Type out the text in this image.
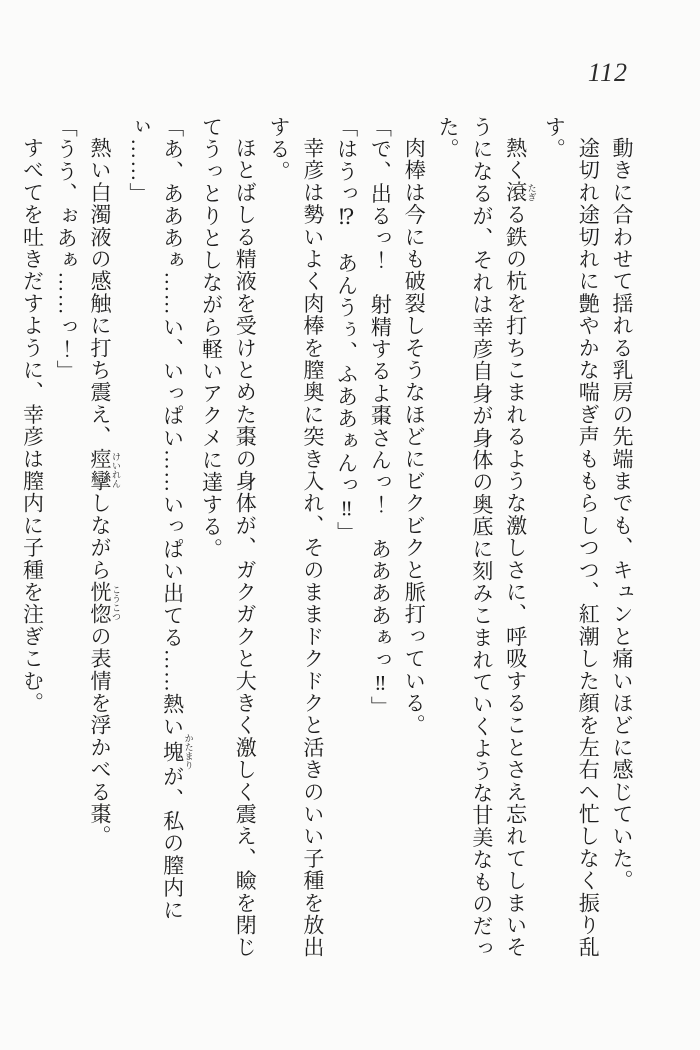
112

動きに合わせて揺れる乳房の先端までも、キュンと痛いほどに感じていた。

途切れ途切れに艶やかな喘ぎ声ももらしつつ、紅潮した顔を左右へ忙しなく振り乱

す。

熱く滾 たぎる鉄の杭を打ちこまれるような激しさに、呼吸することさえ忘れてしまいそ

うになるが、それは幸彦自身が身体の奥底に刻みこまれていくような甘美なものだっ

た。

肉棒は今にも破裂しそうなほどにビクビクと脈打っている。

「で、出るっ！　射精するよ棗さんっ！　ああああぁっ‼」

「はうっ⁉　あんうぅ、ふああぁんっ‼」

幸彦は勢いよく肉棒を膣奥に突き入れ、そのままドクドクと活きのいい子種を放出

する。

ほとばしる精液を受けとめた棗の身体が、ガクガクと大きく激しく震え、瞼を閉じ

てうっとりとしながら軽いアクメに達する。

「あ、あああぁ……い、いっぱい……いっぱい出てる……熱い塊 かたまりが、私の膣内にぃ……」

熱い白濁液の感触に打ち震え、痙攣 けいれんしながら恍惚 こうこつの表情を浮かべる棗。

「うう、ぉあぁ……っ！」

すべてを吐きだすように、幸彦は膣内に子種を注ぎこむ。
